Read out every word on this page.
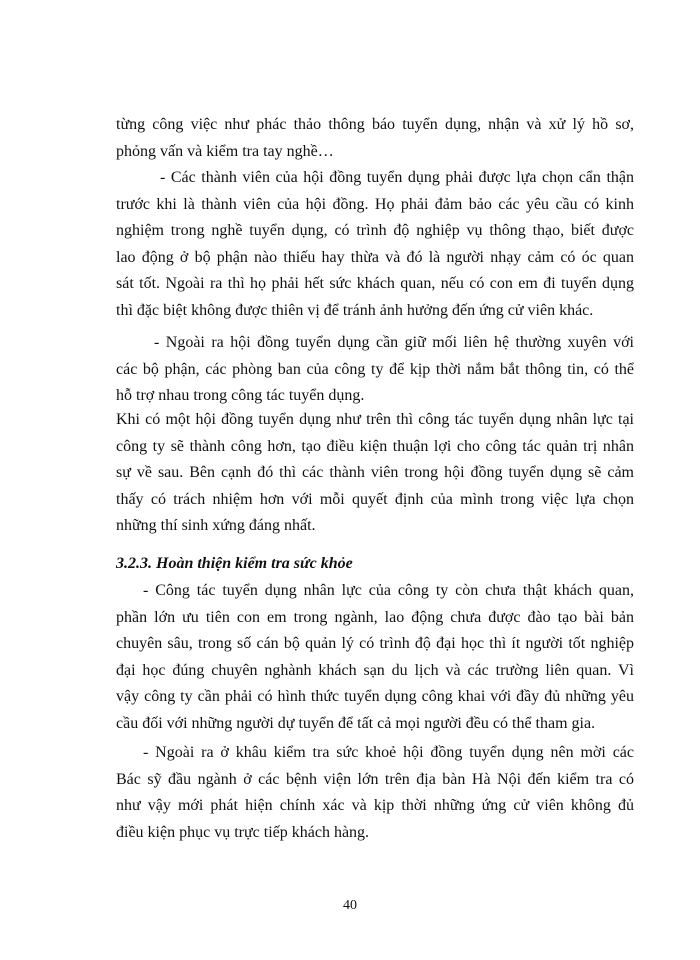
từng công việc như phác thảo thông báo tuyển dụng, nhận và xử lý hồ sơ,
phỏng vấn và kiểm tra tay nghề…
- Các thành viên của hội đồng tuyển dụng phải được lựa chọn cẩn thận
trước khi là thành viên của hội đồng. Họ phải đảm bảo các yêu cầu có kinh
nghiệm trong nghề tuyển dụng, có trình độ nghiệp vụ thông thạo, biết được
lao động ở bộ phận nào thiếu hay thừa và đó là người nhạy cảm có óc quan
sát tốt. Ngoài ra thì họ phải hết sức khách quan, nếu có con em đi tuyển dụng
thì đặc biệt không được thiên vị để tránh ảnh hưởng đến ứng cử viên khác.
- Ngoài ra hội đồng tuyển dụng cần giữ mối liên hệ thường xuyên với
các bộ phận, các phòng ban của công ty để kịp thời nắm bắt thông tin, có thể
hỗ trợ nhau trong công tác tuyển dụng.
Khi có một hội đồng tuyển dụng như trên thì công tác tuyển dụng nhân lực tại
công ty sẽ thành công hơn, tạo điều kiện thuận lợi cho công tác quản trị nhân
sự về sau. Bên cạnh đó thì các thành viên trong hội đồng tuyển dụng sẽ cảm
thấy có trách nhiệm hơn với mỗi quyết định của mình trong việc lựa chọn
những thí sinh xứng đáng nhất.
3.2.3. Hoàn thiện kiểm tra sức khỏe
- Công tác tuyển dụng nhân lực của công ty còn chưa thật khách quan,
phần lớn ưu tiên con em trong ngành, lao động chưa được đào tạo bài bản
chuyên sâu, trong số cán bộ quản lý có trình độ đại học thì ít người tốt nghiệp
đại học đúng chuyên nghành khách sạn du lịch và các trường liên quan. Vì
vậy công ty cần phải có hình thức tuyển dụng công khai với đầy đủ những yêu
cầu đối với những người dự tuyển để tất cả mọi người đều có thể tham gia.
- Ngoài ra ở khâu kiểm tra sức khoẻ hội đồng tuyển dụng nên mời các
Bác sỹ đầu ngành ở các bệnh viện lớn trên địa bàn Hà Nội đến kiểm tra có
như vậy mới phát hiện chính xác và kịp thời những ứng cử viên không đủ
điều kiện phục vụ trực tiếp khách hàng.
40
